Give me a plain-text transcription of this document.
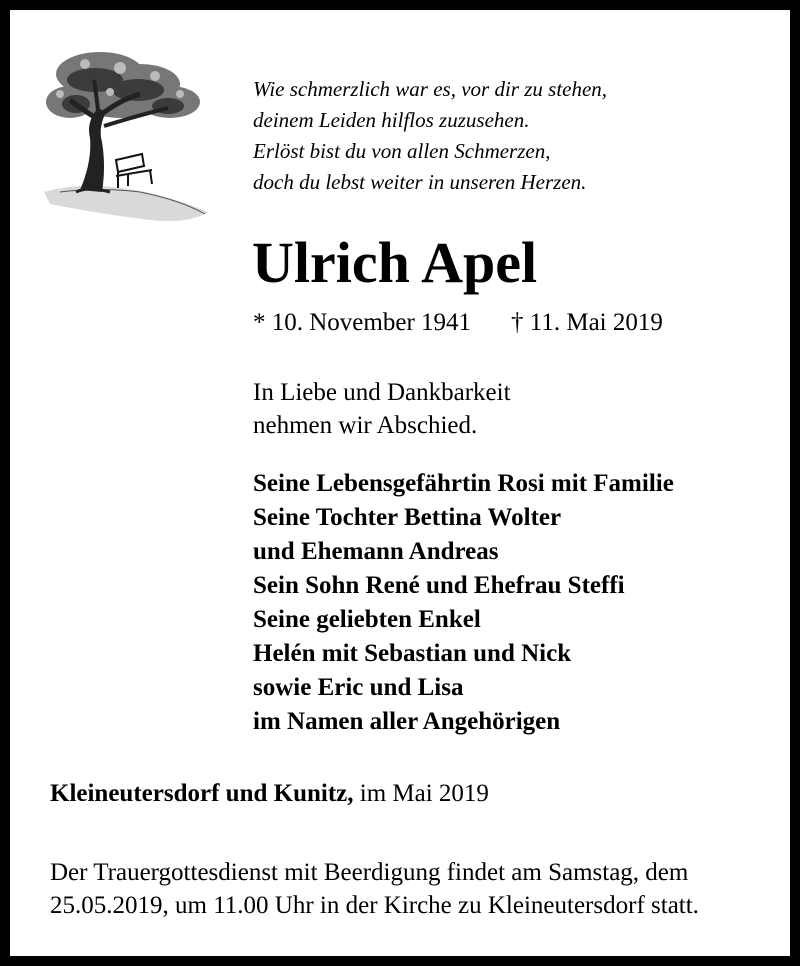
Wie schmerzlich war es, vor dir zu stehen,
deinem Leiden hilflos zuzusehen.
Erlöst bist du von allen Schmerzen,
doch du lebst weiter in unseren Herzen.
Ulrich Apel
* 10. November 1941 † 11. Mai 2019
In Liebe und Dankbarkeit
nehmen wir Abschied.
Seine Lebensgefährtin Rosi mit Familie
Seine Tochter Bettina Wolter
und Ehemann Andreas
Sein Sohn René und Ehefrau Steffi
Seine geliebten Enkel
Helén mit Sebastian und Nick
sowie Eric und Lisa
im Namen aller Angehörigen
Kleineutersdorf und Kunitz, im Mai 2019
Der Trauergottesdienst mit Beerdigung findet am Samstag, dem
25.05.2019, um 11.00 Uhr in der Kirche zu Kleineutersdorf statt.
